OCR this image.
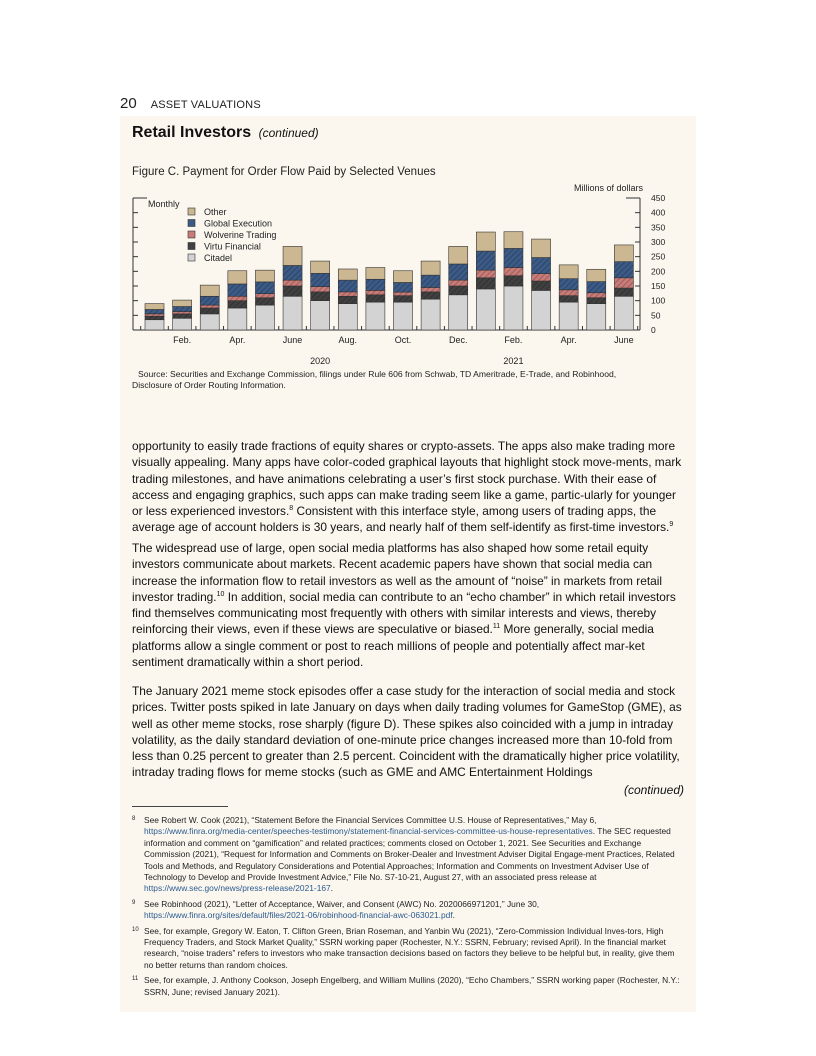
20 ASSET VALUATIONS
Retail Investors (continued)
Figure C. Payment for Order Flow Paid by Selected Venues
Monthly
Millions of dollars
0
50
100
150
200
250
300
350
400
450
Feb.	Apr.	June	Aug.	Oct.	Dec.	Feb.	Apr.	June
2020	2021
Other
Global Execution
Wolverine Trading
Virtu Financial
Citadel
Source: Securities and Exchange Commission, filings under Rule 606 from Schwab, TD Ameritrade, E-Trade, and Robinhood,
Disclosure of Order Routing Information.

opportunity to easily trade fractions of equity shares or crypto-assets. The apps also make trading more visually appealing. Many apps have color-coded graphical layouts that highlight stock move-ments, mark trading milestones, and have animations celebrating a user’s first stock purchase. With their ease of access and engaging graphics, such apps can make trading seem like a game, partic-ularly for younger or less experienced investors.$^8$ Consistent with this interface style, among users of trading apps, the average age of account holders is 30 years, and nearly half of them self-identify as first-time investors.$^9$

The widespread use of large, open social media platforms has also shaped how some retail equity investors communicate about markets. Recent academic papers have shown that social media can increase the information flow to retail investors as well as the amount of “noise” in markets from retail investor trading.$^{10}$ In addition, social media can contribute to an “echo chamber” in which retail investors find themselves communicating most frequently with others with similar interests and views, thereby reinforcing their views, even if these views are speculative or biased.$^{11}$ More generally, social media platforms allow a single comment or post to reach millions of people and potentially affect mar-ket sentiment dramatically within a short period.

The January 2021 meme stock episodes offer a case study for the interaction of social media and stock prices. Twitter posts spiked in late January on days when daily trading volumes for GameStop (GME), as well as other meme stocks, rose sharply (figure D). These spikes also coincided with a jump in intraday volatility, as the daily standard deviation of one-minute price changes increased more than 10-fold from less than 0.25 percent to greater than 2.5 percent. Coincident with the dramatically higher price volatility, intraday trading flows for meme stocks (such as GME and AMC Entertainment Holdings

(continued)
8	See Robert W. Cook (2021), “Statement Before the Financial Services Committee U.S. House of Representatives,” May 6, https://www.finra.org/media-center/speeches-testimony/statement-financial-services-committee-us-house-representatives. The SEC requested information and comment on “gamification” and related practices; comments closed on October 1, 2021. See Securities and Exchange Commission (2021), “Request for Information and Comments on Broker-Dealer and Investment Adviser Digital Engage-ment Practices, Related Tools and Methods, and Regulatory Considerations and Potential Approaches; Information and Comments on Investment Adviser Use of Technology to Develop and Provide Investment Advice,” File No. S7-10-21, August 27, with an associated press release at https://www.sec.gov/news/press-release/2021-167.
9	See Robinhood (2021), “Letter of Acceptance, Waiver, and Consent (AWC) No. 2020066971201,” June 30, https://www.finra.org/sites/default/files/2021-06/robinhood-financial-awc-063021.pdf.
10 See, for example, Gregory W. Eaton, T. Clifton Green, Brian Roseman, and Yanbin Wu (2021), “Zero-Commission Individual Inves-tors, High Frequency Traders, and Stock Market Quality,” SSRN working paper (Rochester, N.Y.: SSRN, February; revised April). In the financial market research, “noise traders” refers to investors who make transaction decisions based on factors they believe to be helpful but, in reality, give them no better returns than random choices.
11 See, for example, J. Anthony Cookson, Joseph Engelberg, and William Mullins (2020), “Echo Chambers,” SSRN working paper (Rochester, N.Y.: SSRN, June; revised January 2021).
